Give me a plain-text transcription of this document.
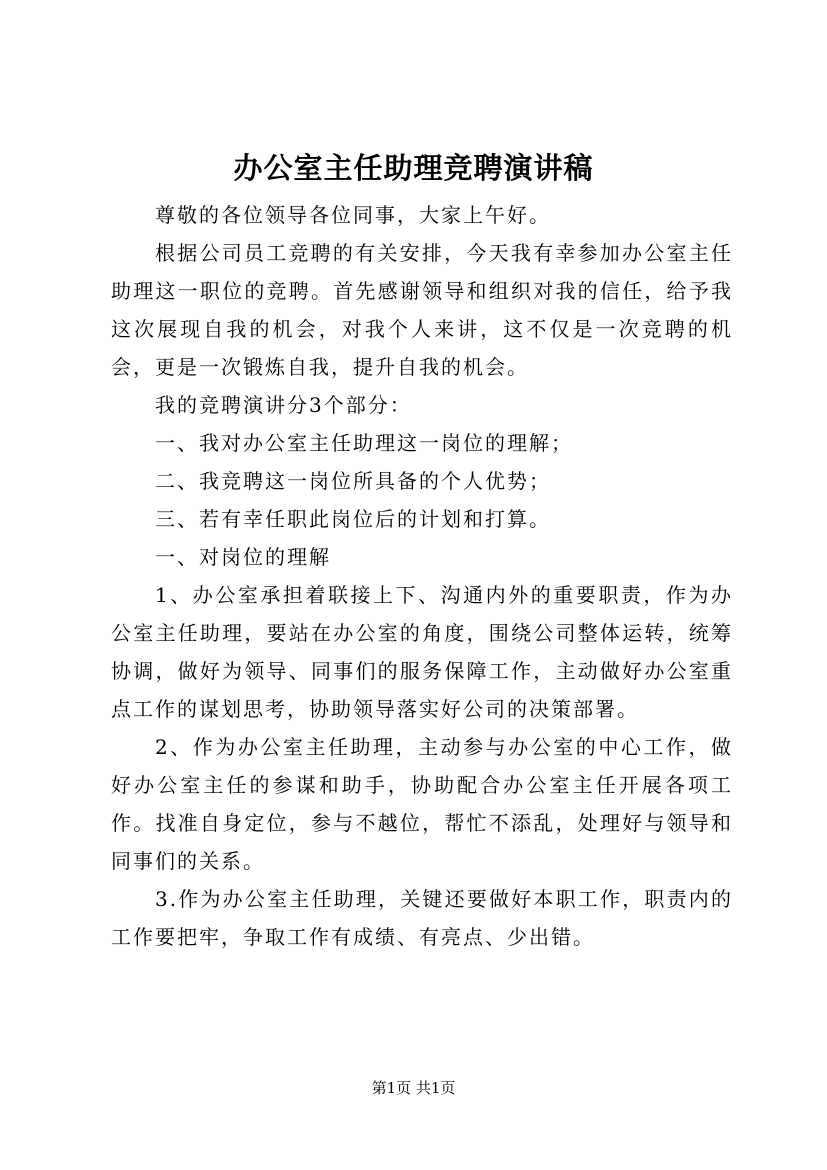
办公室主任助理竞聘演讲稿

尊敬的各位领导各位同事，大家上午好。

根据公司员工竞聘的有关安排，今天我有幸参加办公室主任助理这一职位的竞聘。首先感谢领导和组织对我的信任，给予我这次展现自我的机会，对我个人来讲，这不仅是一次竞聘的机会，更是一次锻炼自我，提升自我的机会。

我的竞聘演讲分3个部分：

一、我对办公室主任助理这一岗位的理解；

二、我竞聘这一岗位所具备的个人优势；

三、若有幸任职此岗位后的计划和打算。

一、对岗位的理解

1、办公室承担着联接上下、沟通内外的重要职责，作为办公室主任助理，要站在办公室的角度，围绕公司整体运转，统筹协调，做好为领导、同事们的服务保障工作，主动做好办公室重点工作的谋划思考，协助领导落实好公司的决策部署。

2、作为办公室主任助理，主动参与办公室的中心工作，做好办公室主任的参谋和助手，协助配合办公室主任开展各项工作。找准自身定位，参与不越位，帮忙不添乱，处理好与领导和同事们的关系。

3.作为办公室主任助理，关键还要做好本职工作，职责内的工作要把牢，争取工作有成绩、有亮点、少出错。

第1页 共1页
